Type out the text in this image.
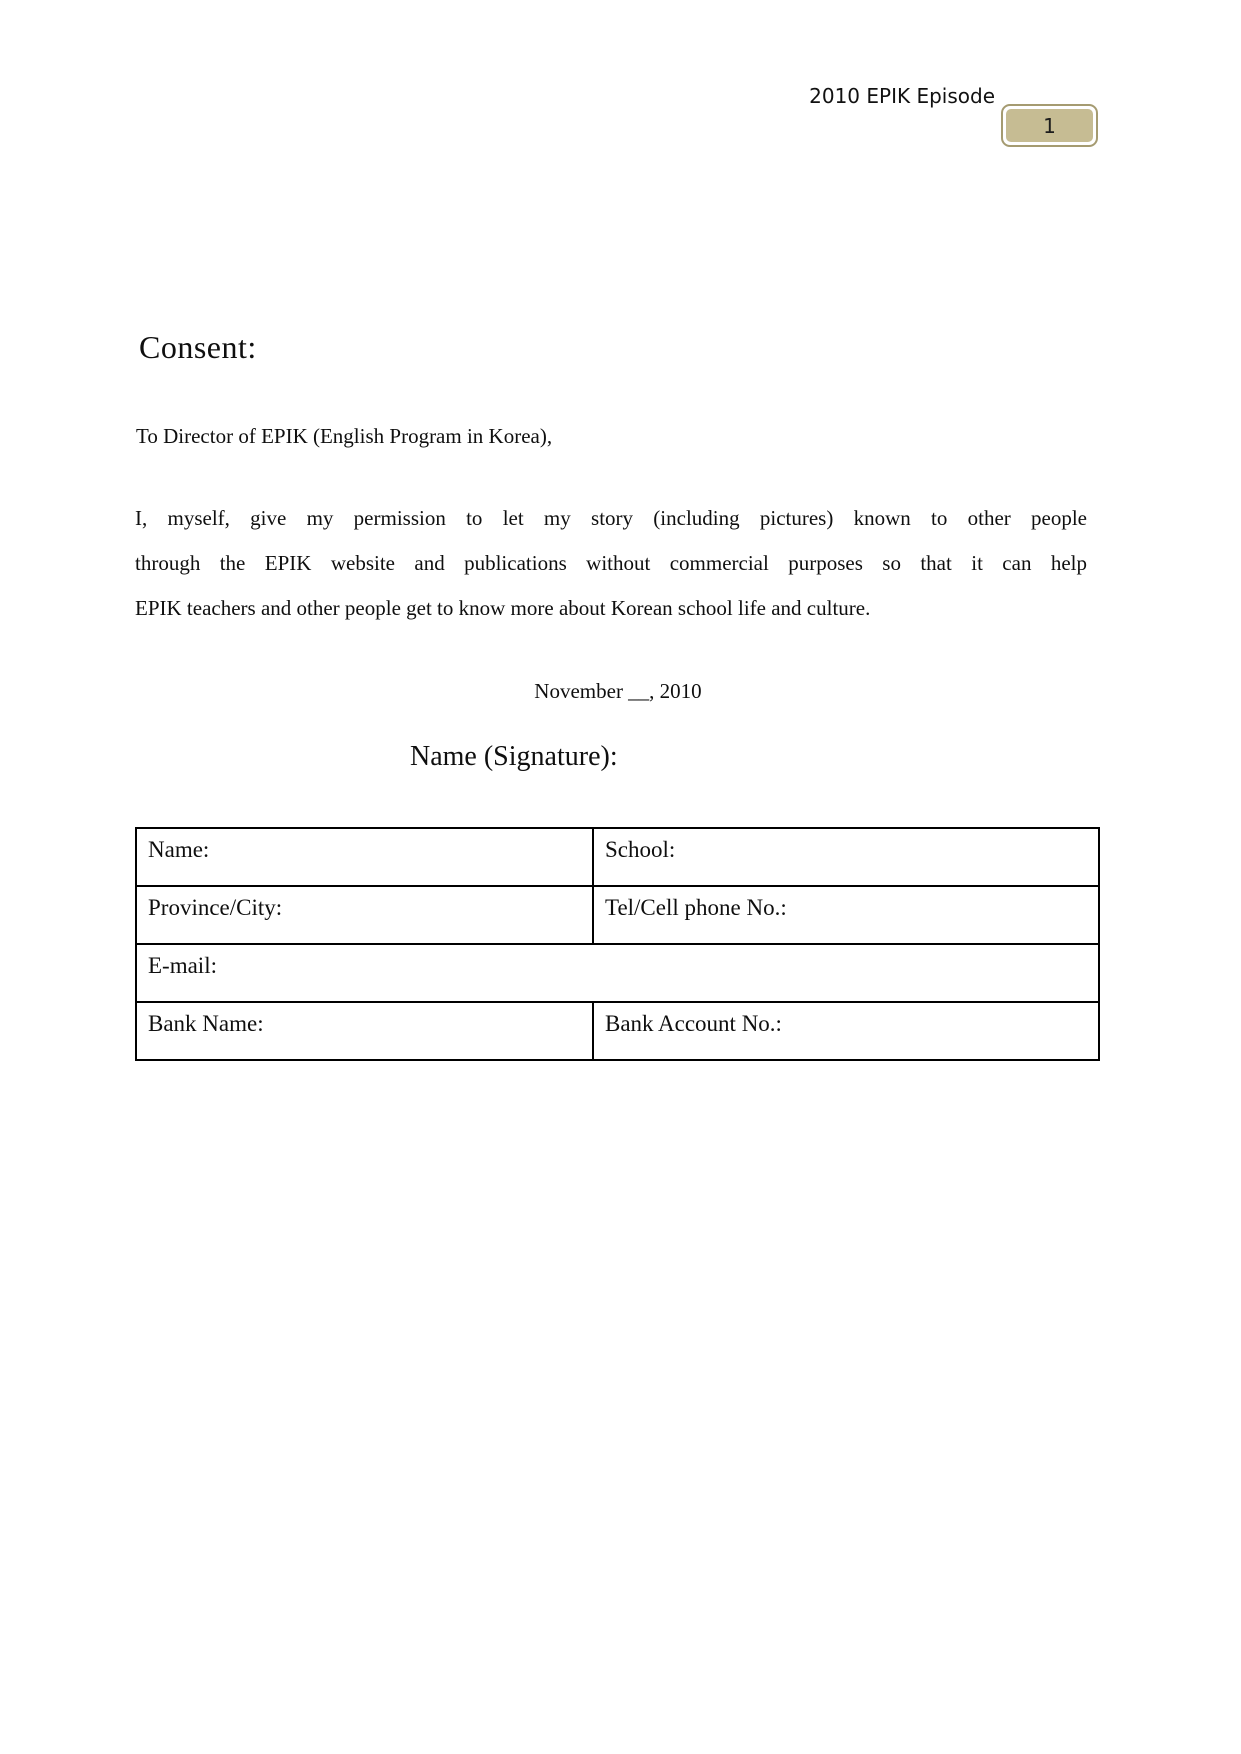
2010 EPIK Episode
1
Consent:
To Director of EPIK (English Program in Korea),
I, myself, give my permission to let my story (including pictures) known to other people
through the EPIK website and publications without commercial purposes so that it can help
EPIK teachers and other people get to know more about Korean school life and culture.
November __, 2010
Name (Signature):
Name:	School:
Province/City:	Tel/Cell phone No.:
E-mail:	
Bank Name:	Bank Account No.:
